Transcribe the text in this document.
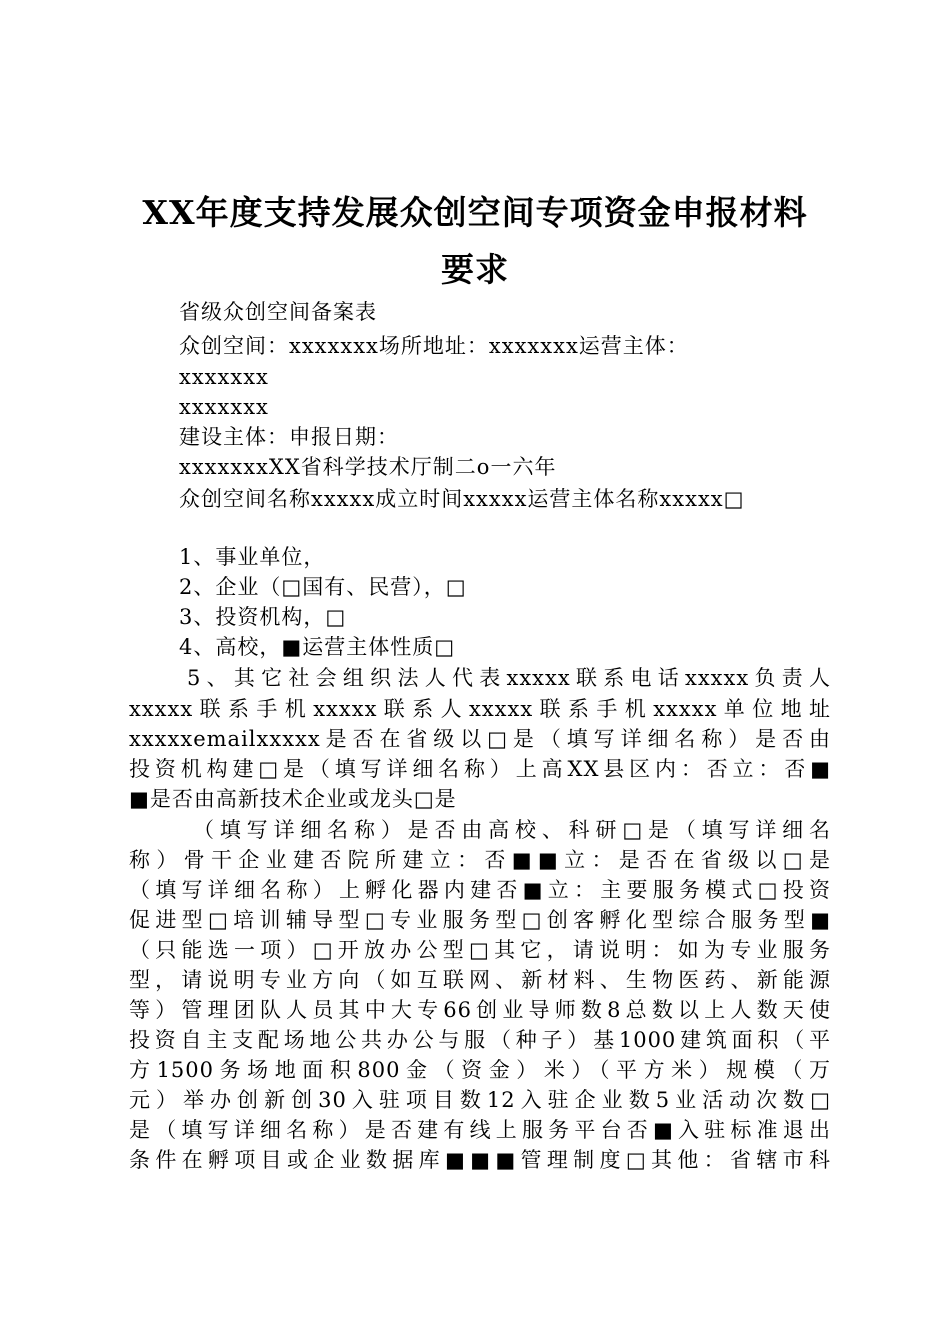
XX年度支持发展众创空间专项资金申报材料
要求

省级众创空间备案表

众创空间：xxxxxxx场所地址：xxxxxxx运营主体：

xxxxxxx

xxxxxxx

建设主体：申报日期：

xxxxxxxXX省科学技术厅制二o一六年

众创空间名称xxxxx成立时间xxxxx运营主体名称xxxxx□

1、事业单位，

2、企业（□国有、民营），□

3、投资机构，□

4、高校，■运营主体性质□

5、其它社会组织法人代表xxxxx联系电话xxxxx负责人

xxxxx联系手机xxxxx联系人xxxxx联系手机xxxxx单位地址

xxxxxemailxxxxx是否在省级以□是（填写详细名称）是否由

投资机构建□是（填写详细名称）上高XX县区内：否立：否■

■是否由高新技术企业或龙头□是

（填写详细名称）是否由高校、科研□是（填写详细名

称）骨干企业建否院所建立：否■■立：是否在省级以□是

（填写详细名称）上孵化器内建否■立：主要服务模式□投资

促进型□培训辅导型□专业服务型□创客孵化型综合服务型■

（只能选一项）□开放办公型□其它，请说明：如为专业服务

型，请说明专业方向（如互联网、新材料、生物医药、新能源

等）管理团队人员其中大专66创业导师数8总数以上人数天使

投资自主支配场地公共办公与服（种子）基1000建筑面积（平

方1500务场地面积800金（资金）米）（平方米）规模（万

元）举办创新创30入驻项目数12入驻企业数5业活动次数□

是（填写详细名称）是否建有线上服务平台否■入驻标准退出

条件在孵项目或企业数据库■■■管理制度□其他：省辖市科
